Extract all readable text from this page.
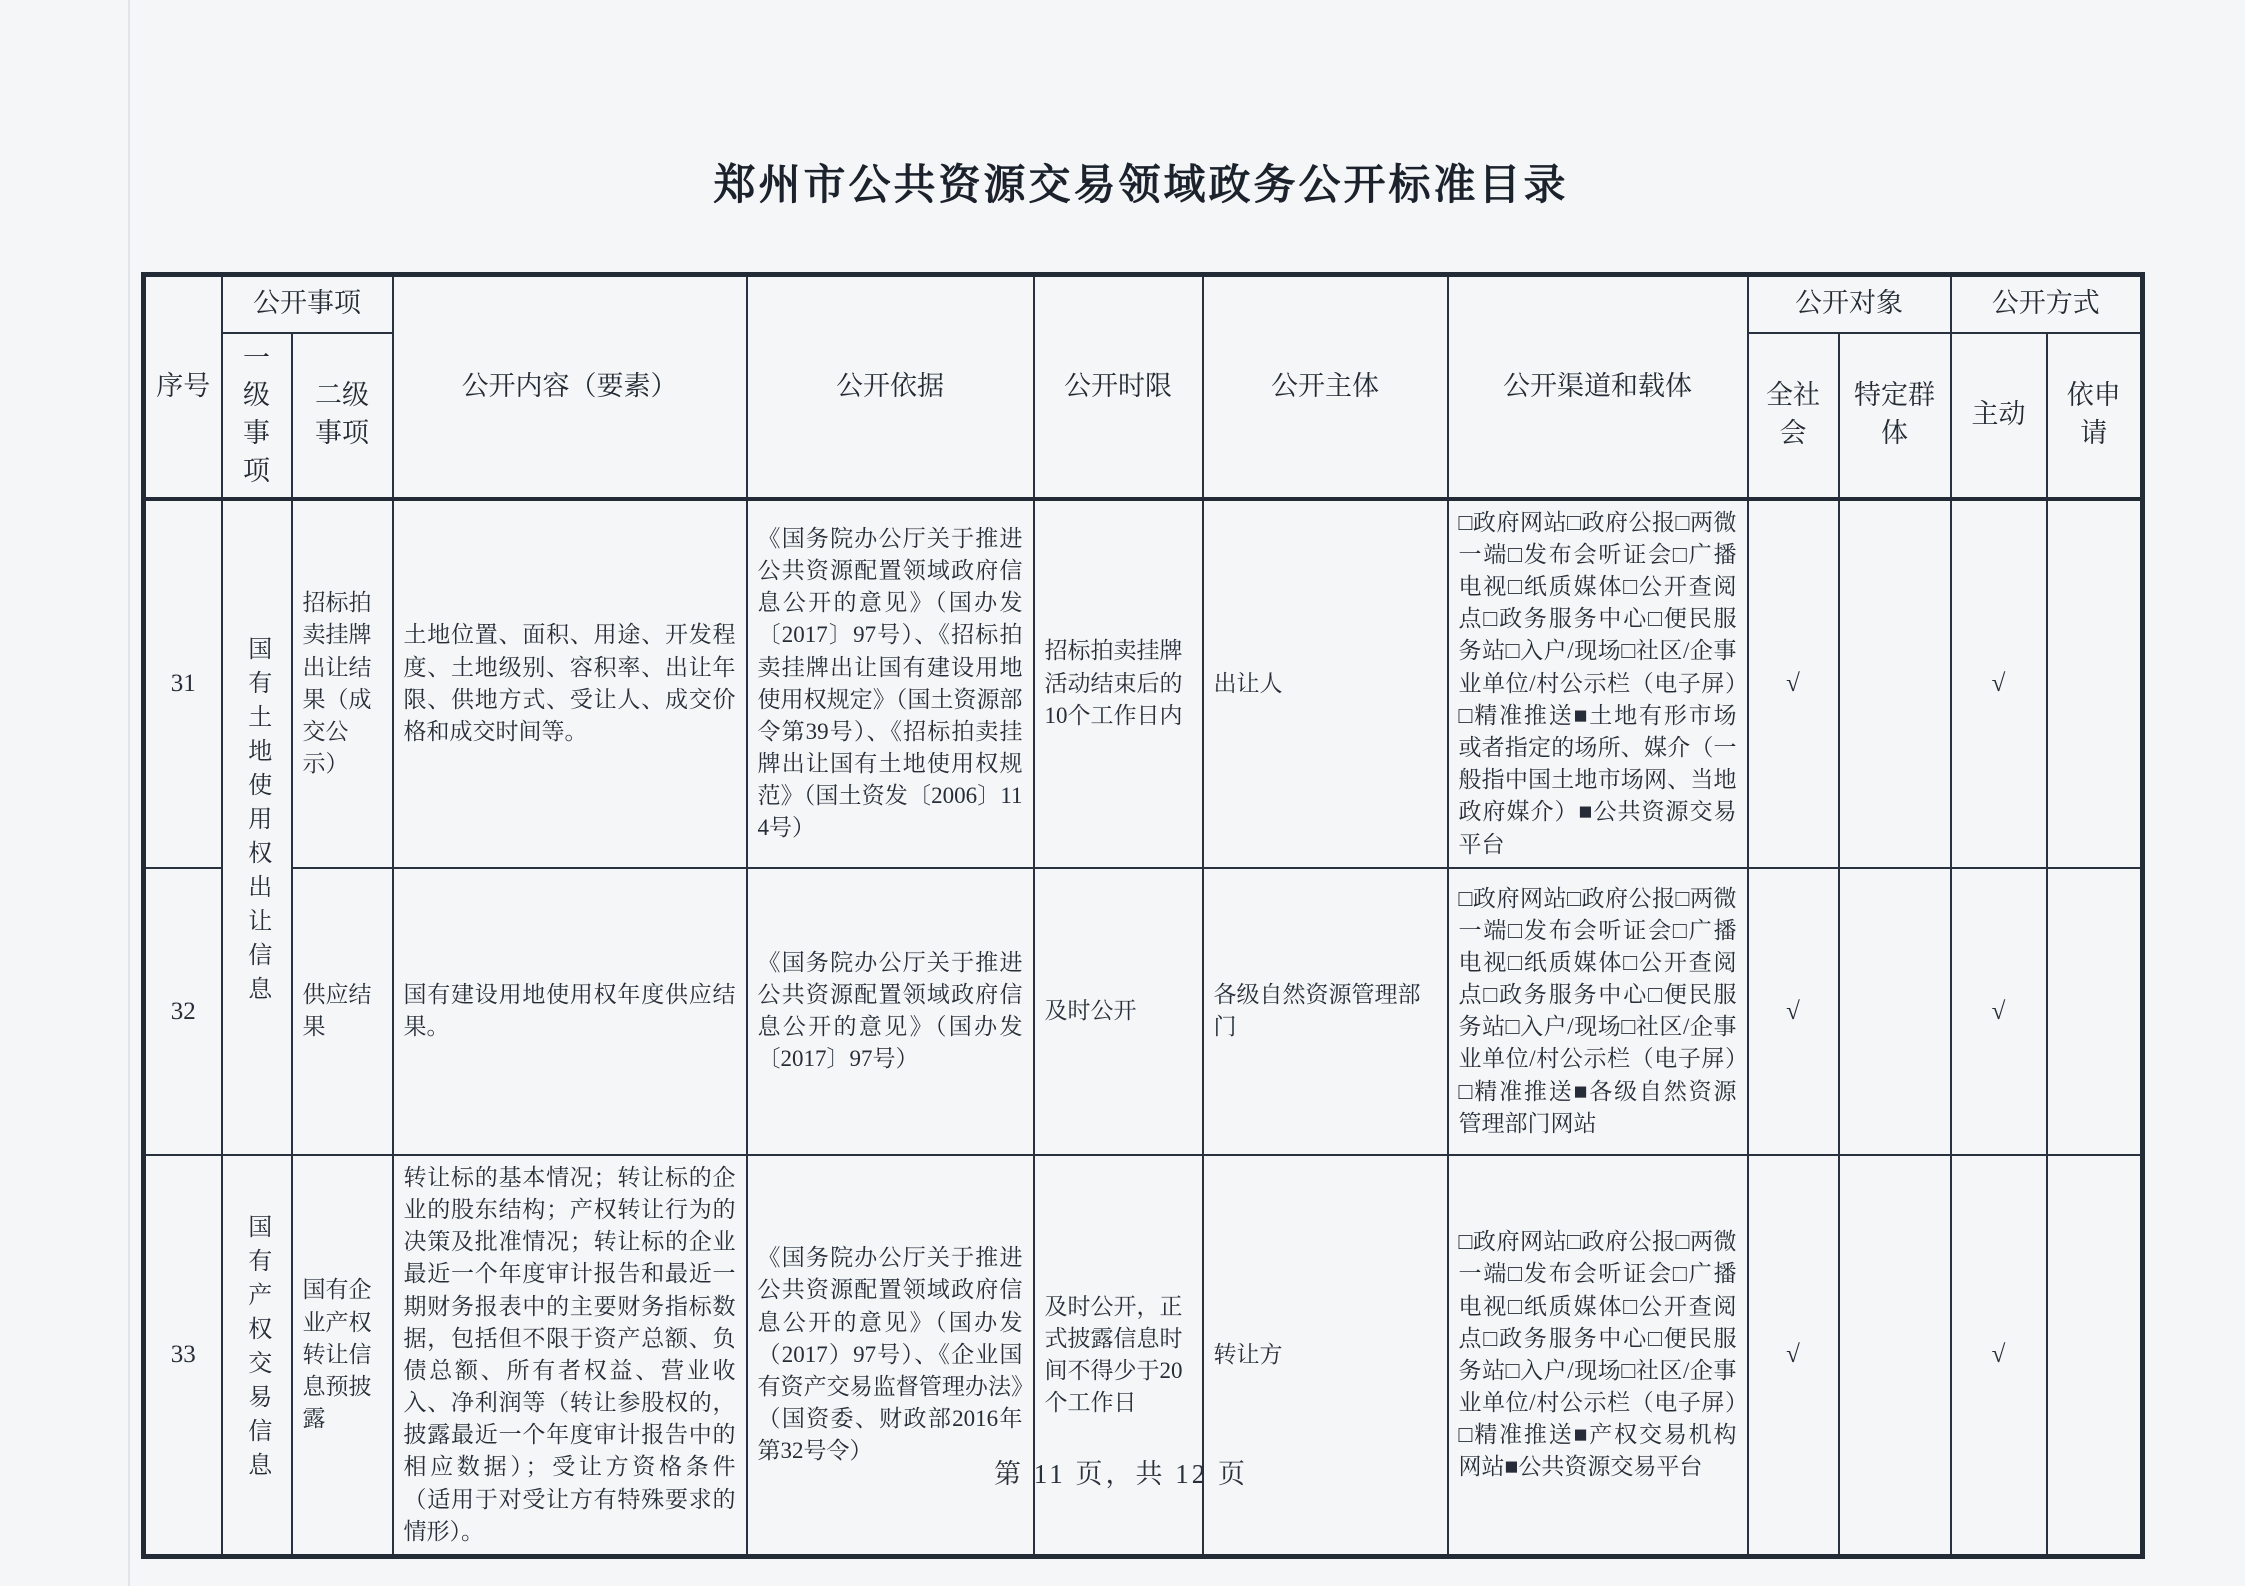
郑州市公共资源交易领域政务公开标准目录
序号	公开事项		公开内容（要素）	公开依据	公开时限	公开主体	公开渠道和载体	公开对象		公开方式	
	一级事项	二级事项						全社会	特定群体	主动	依申请
31	国有土地使用权出让信息	招标拍卖挂牌出让结果（成交公示）	土地位置、面积、用途、开发程度、土地级别、容积率、出让年限、供地方式、受让人、成交价格和成交时间等。	《国务院办公厅关于推进公共资源配置领域政府信息公开的意见》（国办发〔2017〕97号）、《招标拍卖挂牌出让国有建设用地使用权规定》（国土资源部令第39号）、《招标拍卖挂牌出让国有土地使用权规范》（国土资发〔2006〕114号）	招标拍卖挂牌活动结束后的10个工作日内	出让人	□政府网站□政府公报□两微一端□发布会听证会□广播电视□纸质媒体□公开查阅点□政务服务中心□便民服务站□入户/现场□社区/企事业单位/村公示栏（电子屏）□精准推送■土地有形市场或者指定的场所、媒介（一般指中国土地市场网、当地政府媒介）■公共资源交易平台	√		√	
32		供应结果	国有建设用地使用权年度供应结果。	《国务院办公厅关于推进公共资源配置领域政府信息公开的意见》（国办发〔2017〕97号）	及时公开	各级自然资源管理部门	□政府网站□政府公报□两微一端□发布会听证会□广播电视□纸质媒体□公开查阅点□政务服务中心□便民服务站□入户/现场□社区/企事业单位/村公示栏（电子屏）□精准推送■各级自然资源管理部门网站	√		√	
33	国有产权交易信息	国有企业产权转让信息预披露	转让标的基本情况；转让标的企业的股东结构；产权转让行为的决策及批准情况；转让标的企业最近一个年度审计报告和最近一期财务报表中的主要财务指标数据，包括但不限于资产总额、负债总额、所有者权益、营业收入、净利润等（转让参股权的，披露最近一个年度审计报告中的相应数据）；受让方资格条件（适用于对受让方有特殊要求的情形）。	《国务院办公厅关于推进公共资源配置领域政府信息公开的意见》（国办发（2017）97号）、《企业国有资产交易监督管理办法》（国资委、财政部2016年第32号令）	及时公开，正式披露信息时间不得少于20个工作日	转让方	□政府网站□政府公报□两微一端□发布会听证会□广播电视□纸质媒体□公开查阅点□政务服务中心□便民服务站□入户/现场□社区/企事业单位/村公示栏（电子屏）□精准推送■产权交易机构网站■公共资源交易平台	√		√	
第 11 页，共 12 页
